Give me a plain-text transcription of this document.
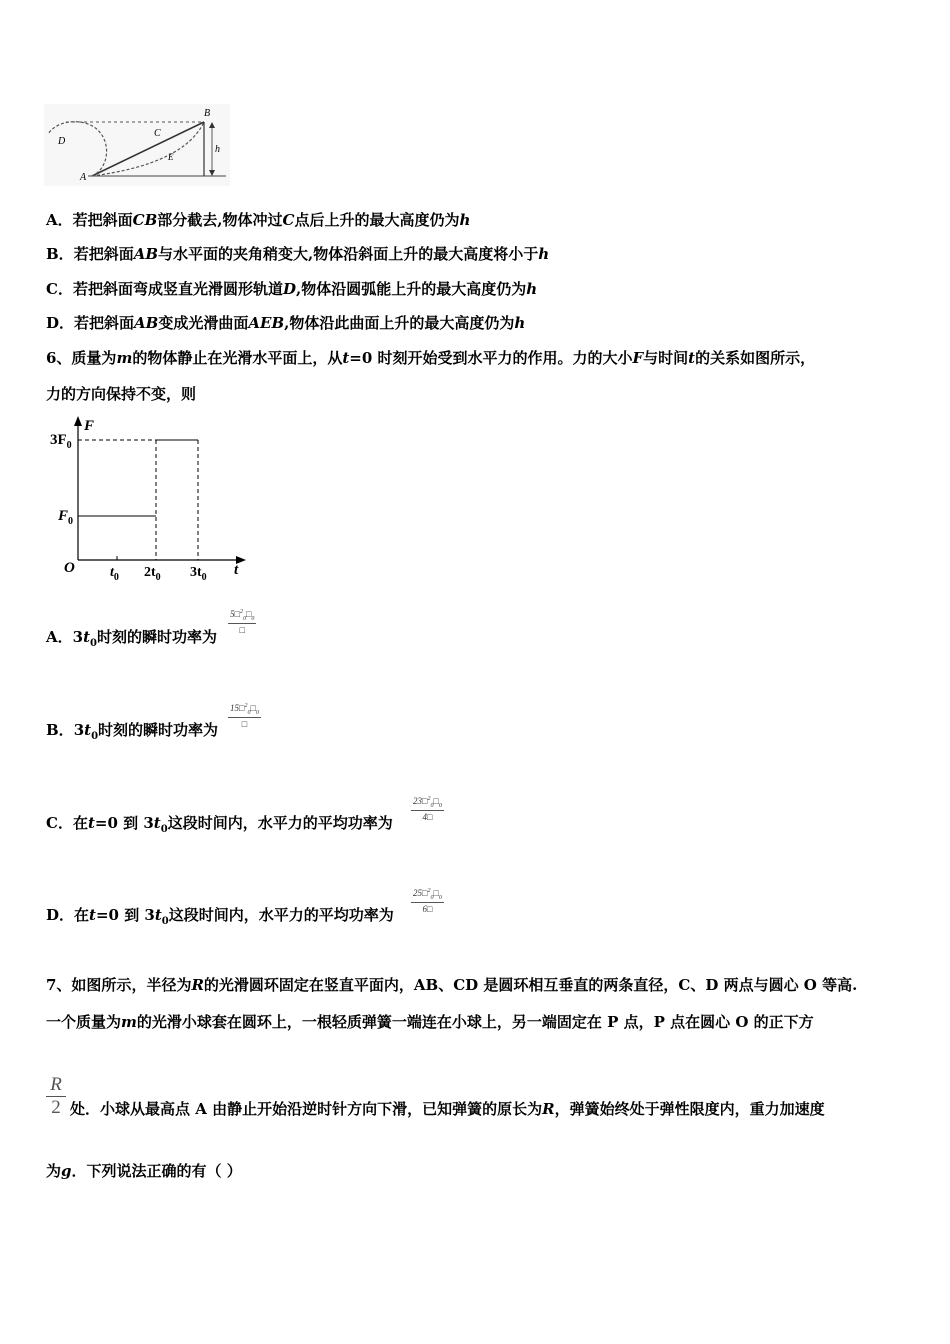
B
A
C
D
E
h
A．若把斜面CB部分截去,物体冲过C点后上升的最大高度仍为h
B．若把斜面AB与水平面的夹角稍变大,物体沿斜面上升的最大高度将小于h
C．若把斜面弯成竖直光滑圆形轨道D,物体沿圆弧能上升的最大高度仍为h
D．若把斜面AB变成光滑曲面AEB,物体沿此曲面上升的最大高度仍为h
6、质量为m的物体静止在光滑水平面上，从t=0 时刻开始受到水平力的作用。力的大小F与时间t的关系如图所示，
力的方向保持不变，则
F
$3F_0$
$F_0$
O	$t_0$ $2t_0$ $3t_0$ t
A．$3t_0$时刻的瞬时功率为
$5□^2_0□_0$
□
B．$3t_0$时刻的瞬时功率为
$15□^2_0□_0$
□
C．在t=0 到 $3t_0$这段时间内，水平力的平均功率为
$\frac{23□^2_0□_0}{4□}$
D．在t=0 到 $3t_0$这段时间内，水平力的平均功率为
$\frac{25□^2_0□_0}{6□}$
7、如图所示，半径为R的光滑圆环固定在竖直平面内，AB、CD 是圆环相互垂直的两条直径，C、D 两点与圆心 O 等高.
一个质量为m的光滑小球套在圆环上，一根轻质弹簧一端连在小球上，另一端固定在 P 点，P 点在圆心 O 的正下方
$\frac{R}{2}$ 处．小球从最高点 A 由静止开始沿逆时针方向下滑，已知弹簧的原长为R，弹簧始终处于弹性限度内，重力加速度
为g．下列说法正确的有（ ）
